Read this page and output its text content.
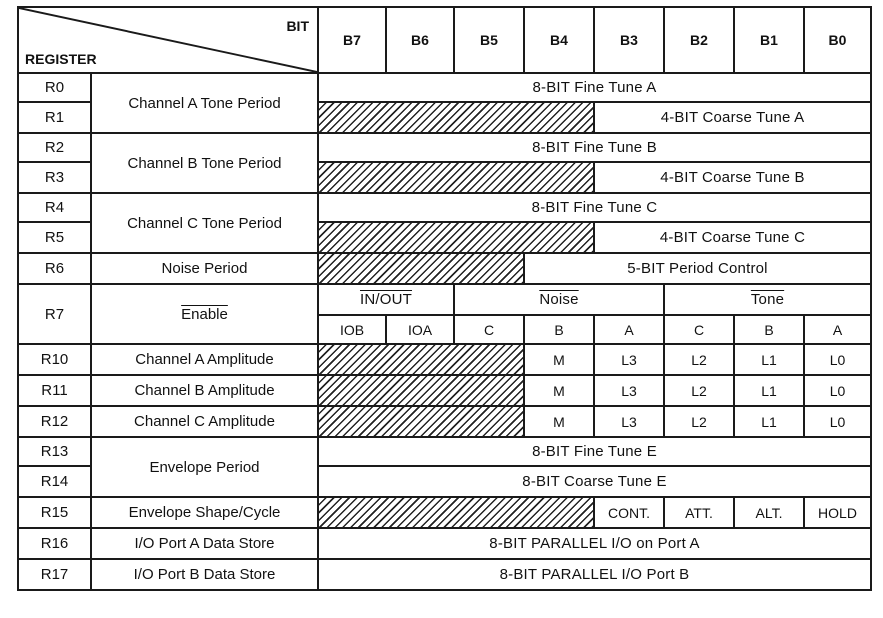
BIT
REGISTER		B7	B6	B5	B4	B3	B2	B1	B0
R0	Channel A Tone Period	8-BIT Fine Tune A							
R1						4-BIT Coarse Tune A			
R2	Channel B Tone Period	8-BIT Fine Tune B							
R3						4-BIT Coarse Tune B			
R4	Channel C Tone Period	8-BIT Fine Tune C							
R5						4-BIT Coarse Tune C			
R6	Noise Period				5-BIT Period Control				
R7	Enable	IN/OUT		Noise			Tone		
		IOB	IOA	C	B	A	C	B	A
R10	Channel A Amplitude				M	L3	L2	L1	L0
R11	Channel B Amplitude				M	L3	L2	L1	L0
R12	Channel C Amplitude				M	L3	L2	L1	L0
R13	Envelope Period	8-BIT Fine Tune E							
R14		8-BIT Coarse Tune E							
R15	Envelope Shape/Cycle					CONT.	ATT.	ALT.	HOLD
R16	I/O Port A Data Store	8-BIT PARALLEL I/O on Port A							
R17	I/O Port B Data Store	8-BIT PARALLEL I/O Port B							
